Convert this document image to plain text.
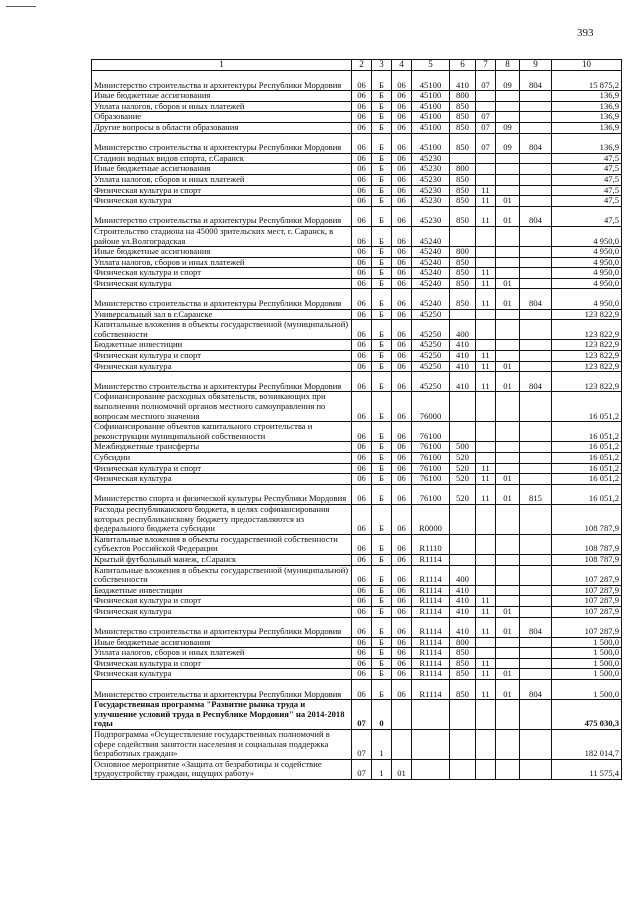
393
1	2	3	4	5	6	7	8	9	10
Министерство строительства и архитектуры Республики Мордовия	06	Б	06	45100	410	07	09	804	15 875,2
Иные бюджетные ассигнования	06	Б	06	45100	800				136,9
Уплата налогов, сборов и иных платежей	06	Б	06	45100	850				136,9
Образование	06	Б	06	45100	850	07			136,9
Другие вопросы в области образования	06	Б	06	45100	850	07	09		136,9
Министерство строительства и архитектуры Республики Мордовия	06	Б	06	45100	850	07	09	804	136,9
Стадион водных видов спорта, г.Саранск	06	Б	06	45230					47,5
Иные бюджетные ассигнования	06	Б	06	45230	800				47,5
Уплата налогов, сборов и иных платежей	06	Б	06	45230	850				47,5
Физическая культура и спорт	06	Б	06	45230	850	11			47,5
Физическая культура	06	Б	06	45230	850	11	01		47,5
Министерство строительства и архитектуры Республики Мордовия	06	Б	06	45230	850	11	01	804	47,5
Строительство стадиона на 45000 зрительских мест, г. Саранск, в районе ул.Волгоградская	06	Б	06	45240					4 950,0
Иные бюджетные ассигнования	06	Б	06	45240	800				4 950,0
Уплата налогов, сборов и иных платежей	06	Б	06	45240	850				4 950,0
Физическая культура и спорт	06	Б	06	45240	850	11			4 950,0
Физическая культура	06	Б	06	45240	850	11	01		4 950,0
Министерство строительства и архитектуры Республики Мордовия	06	Б	06	45240	850	11	01	804	4 950,0
Универсальный зал в г.Саранске	06	Б	06	45250					123 822,9
Капитальные вложения в объекты государственной (муниципальной) собственности	06	Б	06	45250	400				123 822,9
Бюджетные инвестиции	06	Б	06	45250	410				123 822,9
Физическая культура и спорт	06	Б	06	45250	410	11			123 822,9
Физическая культура	06	Б	06	45250	410	11	01		123 822,9
Министерство строительства и архитектуры Республики Мордовия	06	Б	06	45250	410	11	01	804	123 822,9
Софинансирование расходных обязательств, возникающих при выполнении полномочий органов местного самоуправления по вопросам местного значения	06	Б	06	76000					16 051,2
Софинансирование объектов капитального строительства и реконструкции муниципальной собственности	06	Б	06	76100					16 051,2
Межбюджетные трансферты	06	Б	06	76100	500				16 051,2
Субсидии	06	Б	06	76100	520				16 051,2
Физическая культура и спорт	06	Б	06	76100	520	11			16 051,2
Физическая культура	06	Б	06	76100	520	11	01		16 051,2
Министерство спорта и физической культуры Республики Мордовия	06	Б	06	76100	520	11	01	815	16 051,2
Расходы республиканского бюджета, в целях софинансирования которых республиканскому бюджету предоставляются из федерального бюджета субсидии	06	Б	06	R0000					108 787,9
Капитальные вложения в объекты государственной собственности субъектов Российской Федерации	06	Б	06	R1110					108 787,9
Крытый футбольный манеж, г.Саранск	06	Б	06	R1114					108 787,9
Капитальные вложения в объекты государственной (муниципальной) собственности	06	Б	06	R1114	400				107 287,9
Бюджетные инвестиции	06	Б	06	R1114	410				107 287,9
Физическая культура и спорт	06	Б	06	R1114	410	11			107 287,9
Физическая культура	06	Б	06	R1114	410	11	01		107 287,9
Министерство строительства и архитектуры Республики Мордовия	06	Б	06	R1114	410	11	01	804	107 287,9
Иные бюджетные ассигнования	06	Б	06	R1114	800				1 500,0
Уплата налогов, сборов и иных платежей	06	Б	06	R1114	850				1 500,0
Физическая культура и спорт	06	Б	06	R1114	850	11			1 500,0
Физическая культура	06	Б	06	R1114	850	11	01		1 500,0
Министерство строительства и архитектуры Республики Мордовия	06	Б	06	R1114	850	11	01	804	1 500,0
Государственная программа "Развитие рынка труда и улучшение условий труда в Республике Мордовия" на 2014-2018 годы	07	0							475 030,3
Подпрограмма «Осуществление государственных полномочий в сфере содействия занятости населения и социальная поддержка безработных граждан»	07	1							182 014,7
Основное мероприятие «Защита от безработицы и содействие трудоустройству граждан, ищущих работу»	07	1	01						11 575,4
